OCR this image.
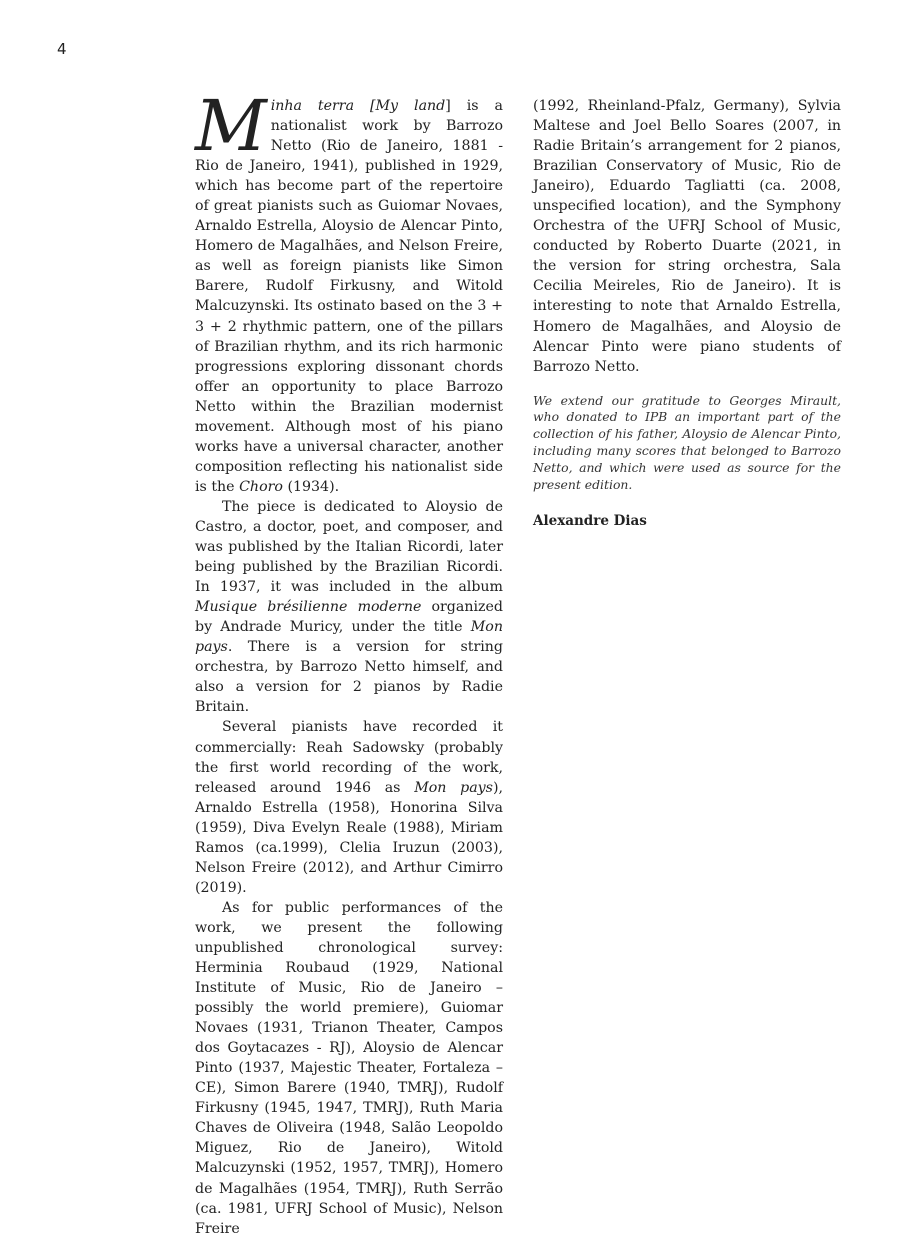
4

Minha terra [My land] is a nationalist work by Barrozo Netto (Rio de Janeiro, 1881 - Rio de Janeiro, 1941), published in 1929, which has become part of the repertoire of great pianists such as Guiomar Novaes, Arnaldo Estrella, Aloysio de Alencar Pinto, Homero de Magalhães, and Nelson Freire, as well as foreign pianists like Simon Barere, Rudolf Firkusny, and Witold Malcuzynski. Its ostinato based on the 3 + 3 + 2 rhythmic pattern, one of the pillars of Brazilian rhythm, and its rich harmonic progressions exploring dissonant chords offer an opportunity to place Barrozo Netto within the Brazilian modernist movement. Although most of his piano works have a universal character, another composition reflecting his nationalist side is the Choro (1934).

The piece is dedicated to Aloysio de Castro, a doctor, poet, and composer, and was published by the Italian Ricordi, later being published by the Brazilian Ricordi. In 1937, it was included in the album Musique brésilienne moderne organized by Andrade Muricy, under the title Mon pays. There is a version for string orchestra, by Barrozo Netto himself, and also a version for 2 pianos by Radie Britain.

Several pianists have recorded it commercially: Reah Sadowsky (probably the first world recording of the work, released around 1946 as Mon pays), Arnaldo Estrella (1958), Honorina Silva (1959), Diva Evelyn Reale (1988), Miriam Ramos (ca.1999), Clelia Iruzun (2003), Nelson Freire (2012), and Arthur Cimirro (2019).

As for public performances of the work, we present the following unpublished chronological survey: Herminia Roubaud (1929, National Institute of Music, Rio de Janeiro – possibly the world premiere), Guiomar Novaes (1931, Trianon Theater, Campos dos Goytacazes - RJ), Aloysio de Alencar Pinto (1937, Majestic Theater, Fortaleza – CE), Simon Barere (1940, TMRJ), Rudolf Firkusny (1945, 1947, TMRJ), Ruth Maria Chaves de Oliveira (1948, Salão Leopoldo Miguez, Rio de Janeiro), Witold Malcuzynski (1952, 1957, TMRJ), Homero de Magalhães (1954, TMRJ), Ruth Serrão (ca. 1981, UFRJ School of Music), Nelson Freire

(1992, Rheinland-Pfalz, Germany), Sylvia Maltese and Joel Bello Soares (2007, in Radie Britain’s arrangement for 2 pianos, Brazilian Conservatory of Music, Rio de Janeiro), Eduardo Tagliatti (ca. 2008, unspecified location), and the Symphony Orchestra of the UFRJ School of Music, conducted by Roberto Duarte (2021, in the version for string orchestra, Sala Cecilia Meireles, Rio de Janeiro). It is interesting to note that Arnaldo Estrella, Homero de Magalhães, and Aloysio de Alencar Pinto were piano students of Barrozo Netto.

We extend our gratitude to Georges Mirault, who donated to IPB an important part of the collection of his father, Aloysio de Alencar Pinto, including many scores that belonged to Barrozo Netto, and which were used as source for the present edition.

Alexandre Dias
